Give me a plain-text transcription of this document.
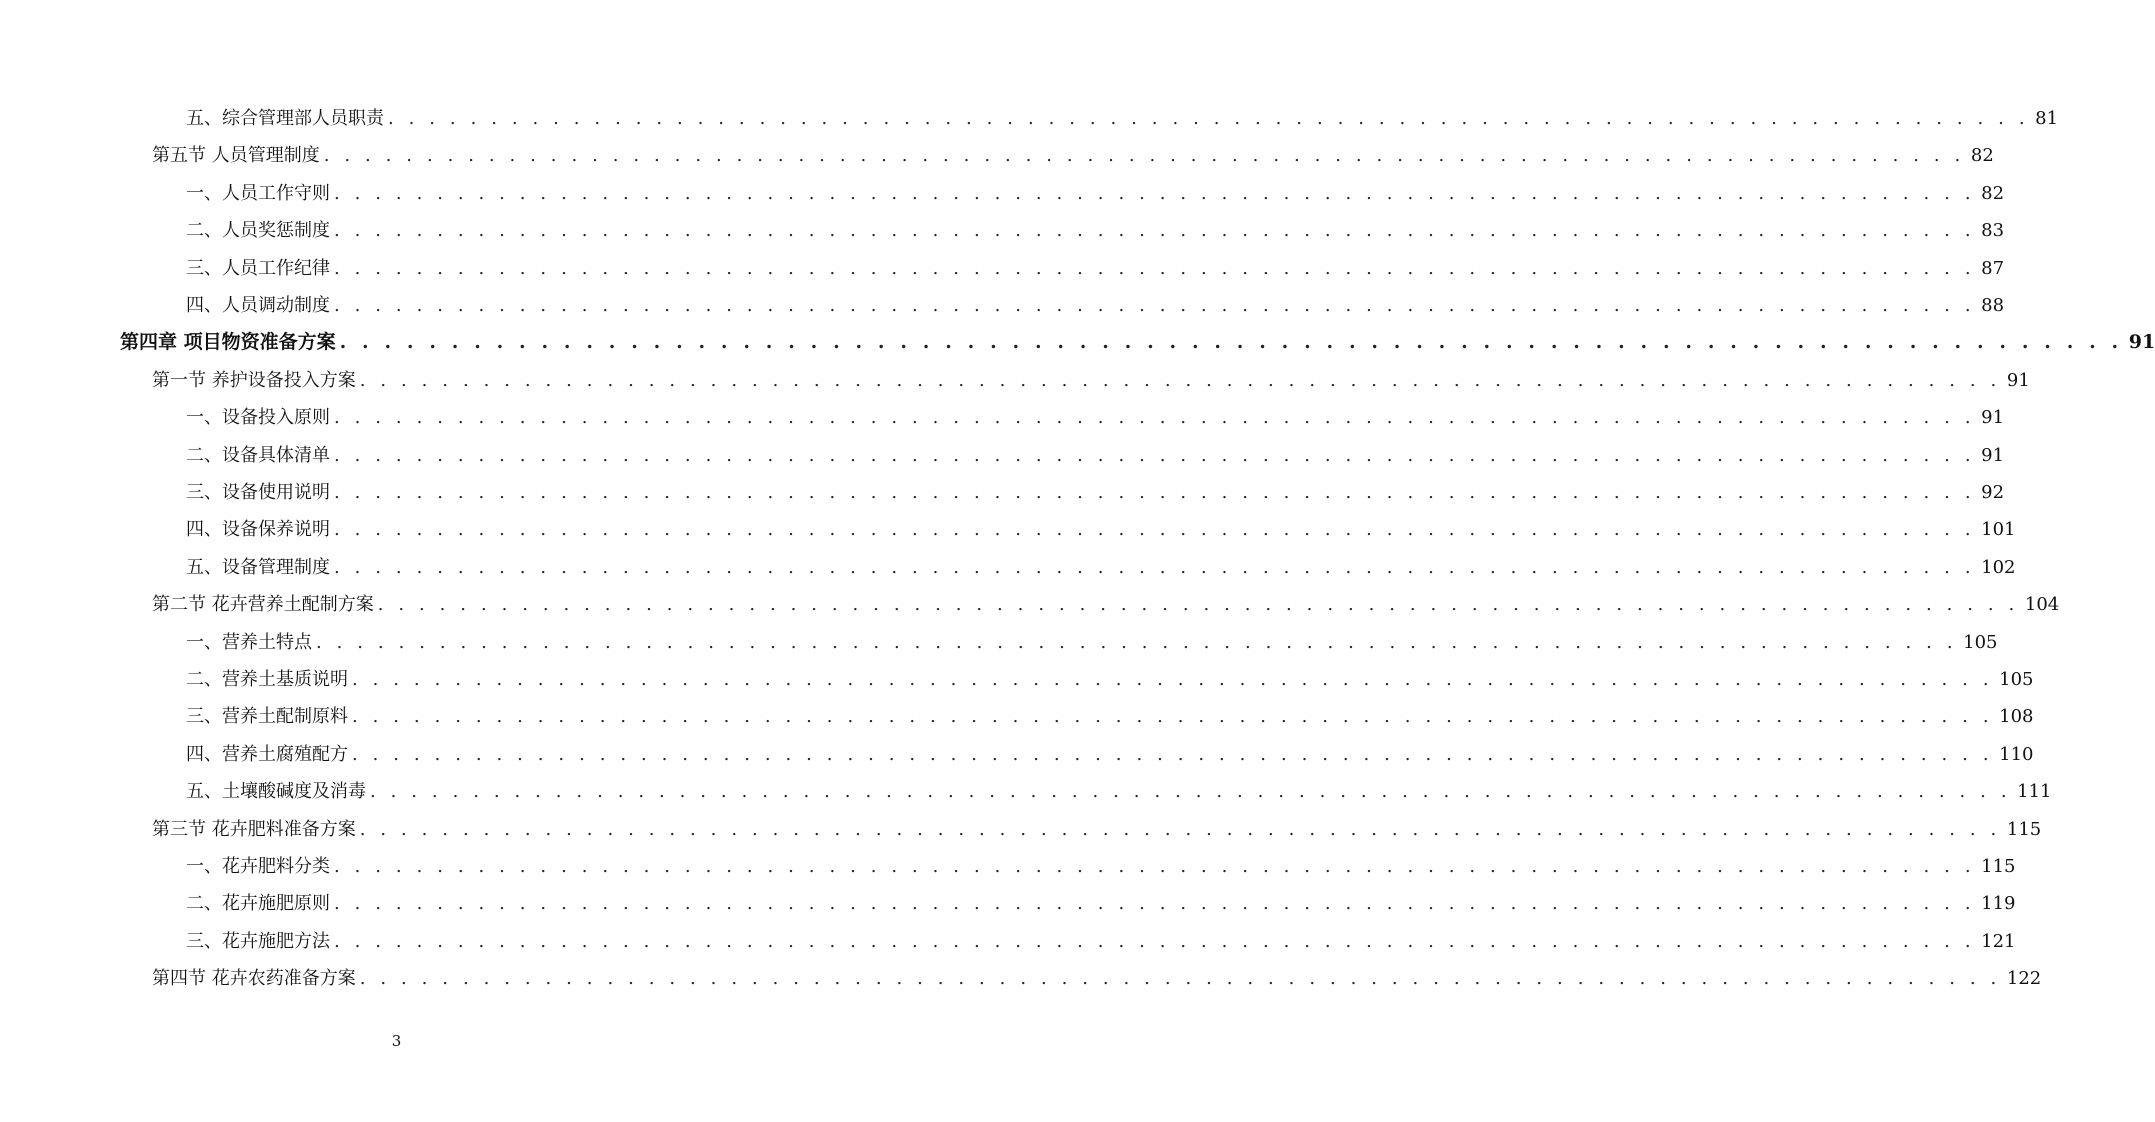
五、综合管理部人员职责 . . . . . . . . . . . . . . . . . . . . . . . . . . . . . . . . . . . . . . . . . . . . . . . . . . . . . . . . . . . . . . . . . . . . . . . . . . . . . . . . 81
第五节 人员管理制度 . . . . . . . . . . . . . . . . . . . . . . . . . . . . . . . . . . . . . . . . . . . . . . . . . . . . . . . . . . . . . . . . . . . . . . . . . . . . . . . . 82
一、人员工作守则 . . . . . . . . . . . . . . . . . . . . . . . . . . . . . . . . . . . . . . . . . . . . . . . . . . . . . . . . . . . . . . . . . . . . . . . . . . . . . . . . 82
二、人员奖惩制度 . . . . . . . . . . . . . . . . . . . . . . . . . . . . . . . . . . . . . . . . . . . . . . . . . . . . . . . . . . . . . . . . . . . . . . . . . . . . . . . . 83
三、人员工作纪律 . . . . . . . . . . . . . . . . . . . . . . . . . . . . . . . . . . . . . . . . . . . . . . . . . . . . . . . . . . . . . . . . . . . . . . . . . . . . . . . . 87
四、人员调动制度 . . . . . . . . . . . . . . . . . . . . . . . . . . . . . . . . . . . . . . . . . . . . . . . . . . . . . . . . . . . . . . . . . . . . . . . . . . . . . . . . 88
第四章 项目物资准备方案 . . . . . . . . . . . . . . . . . . . . . . . . . . . . . . . . . . . . . . . . . . . . . . . . . . . . . . . . . . . . . . . . . . . . . . . . . . . . . . . . 91
第一节 养护设备投入方案 . . . . . . . . . . . . . . . . . . . . . . . . . . . . . . . . . . . . . . . . . . . . . . . . . . . . . . . . . . . . . . . . . . . . . . . . . . . . . . . . 91
一、设备投入原则 . . . . . . . . . . . . . . . . . . . . . . . . . . . . . . . . . . . . . . . . . . . . . . . . . . . . . . . . . . . . . . . . . . . . . . . . . . . . . . . . 91
二、设备具体清单 . . . . . . . . . . . . . . . . . . . . . . . . . . . . . . . . . . . . . . . . . . . . . . . . . . . . . . . . . . . . . . . . . . . . . . . . . . . . . . . . 91
三、设备使用说明 . . . . . . . . . . . . . . . . . . . . . . . . . . . . . . . . . . . . . . . . . . . . . . . . . . . . . . . . . . . . . . . . . . . . . . . . . . . . . . . . 92
四、设备保养说明 . . . . . . . . . . . . . . . . . . . . . . . . . . . . . . . . . . . . . . . . . . . . . . . . . . . . . . . . . . . . . . . . . . . . . . . . . . . . . . . . 101
五、设备管理制度 . . . . . . . . . . . . . . . . . . . . . . . . . . . . . . . . . . . . . . . . . . . . . . . . . . . . . . . . . . . . . . . . . . . . . . . . . . . . . . . . 102
第二节 花卉营养土配制方案 . . . . . . . . . . . . . . . . . . . . . . . . . . . . . . . . . . . . . . . . . . . . . . . . . . . . . . . . . . . . . . . . . . . . . . . . . . . . . . . . 104
一、营养土特点 . . . . . . . . . . . . . . . . . . . . . . . . . . . . . . . . . . . . . . . . . . . . . . . . . . . . . . . . . . . . . . . . . . . . . . . . . . . . . . . . 105
二、营养土基质说明 . . . . . . . . . . . . . . . . . . . . . . . . . . . . . . . . . . . . . . . . . . . . . . . . . . . . . . . . . . . . . . . . . . . . . . . . . . . . . . . . 105
三、营养土配制原料 . . . . . . . . . . . . . . . . . . . . . . . . . . . . . . . . . . . . . . . . . . . . . . . . . . . . . . . . . . . . . . . . . . . . . . . . . . . . . . . . 108
四、营养土腐殖配方 . . . . . . . . . . . . . . . . . . . . . . . . . . . . . . . . . . . . . . . . . . . . . . . . . . . . . . . . . . . . . . . . . . . . . . . . . . . . . . . . 110
五、土壤酸碱度及消毒 . . . . . . . . . . . . . . . . . . . . . . . . . . . . . . . . . . . . . . . . . . . . . . . . . . . . . . . . . . . . . . . . . . . . . . . . . . . . . . . . 111
第三节 花卉肥料准备方案 . . . . . . . . . . . . . . . . . . . . . . . . . . . . . . . . . . . . . . . . . . . . . . . . . . . . . . . . . . . . . . . . . . . . . . . . . . . . . . . . 115
一、花卉肥料分类 . . . . . . . . . . . . . . . . . . . . . . . . . . . . . . . . . . . . . . . . . . . . . . . . . . . . . . . . . . . . . . . . . . . . . . . . . . . . . . . . 115
二、花卉施肥原则 . . . . . . . . . . . . . . . . . . . . . . . . . . . . . . . . . . . . . . . . . . . . . . . . . . . . . . . . . . . . . . . . . . . . . . . . . . . . . . . . 119
三、花卉施肥方法 . . . . . . . . . . . . . . . . . . . . . . . . . . . . . . . . . . . . . . . . . . . . . . . . . . . . . . . . . . . . . . . . . . . . . . . . . . . . . . . . 121
第四节 花卉农药准备方案 . . . . . . . . . . . . . . . . . . . . . . . . . . . . . . . . . . . . . . . . . . . . . . . . . . . . . . . . . . . . . . . . . . . . . . . . . . . . . . . . 122
3
